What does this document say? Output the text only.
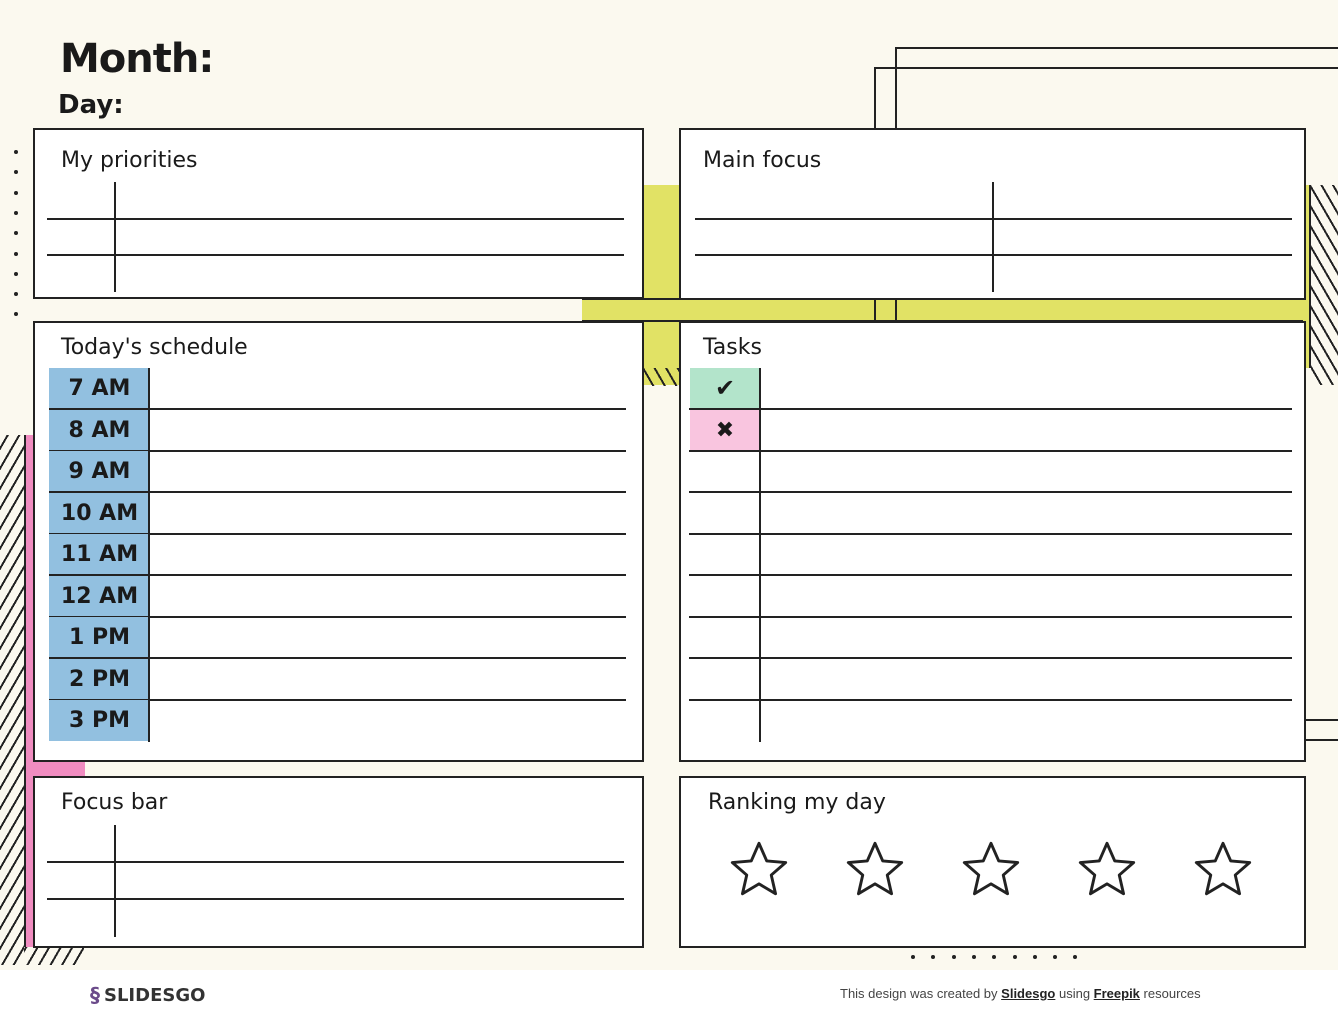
Month:
Day:
My priorities	Main focus
Today's schedule
7 AM
8 AM
9 AM
10 AM
11 AM
12 AM
1 PM
2 PM
3 PM
Tasks
✔
✖
Focus bar	Ranking my day
§ SLIDESGO	This design was created by Slidesgo using Freepik resources
